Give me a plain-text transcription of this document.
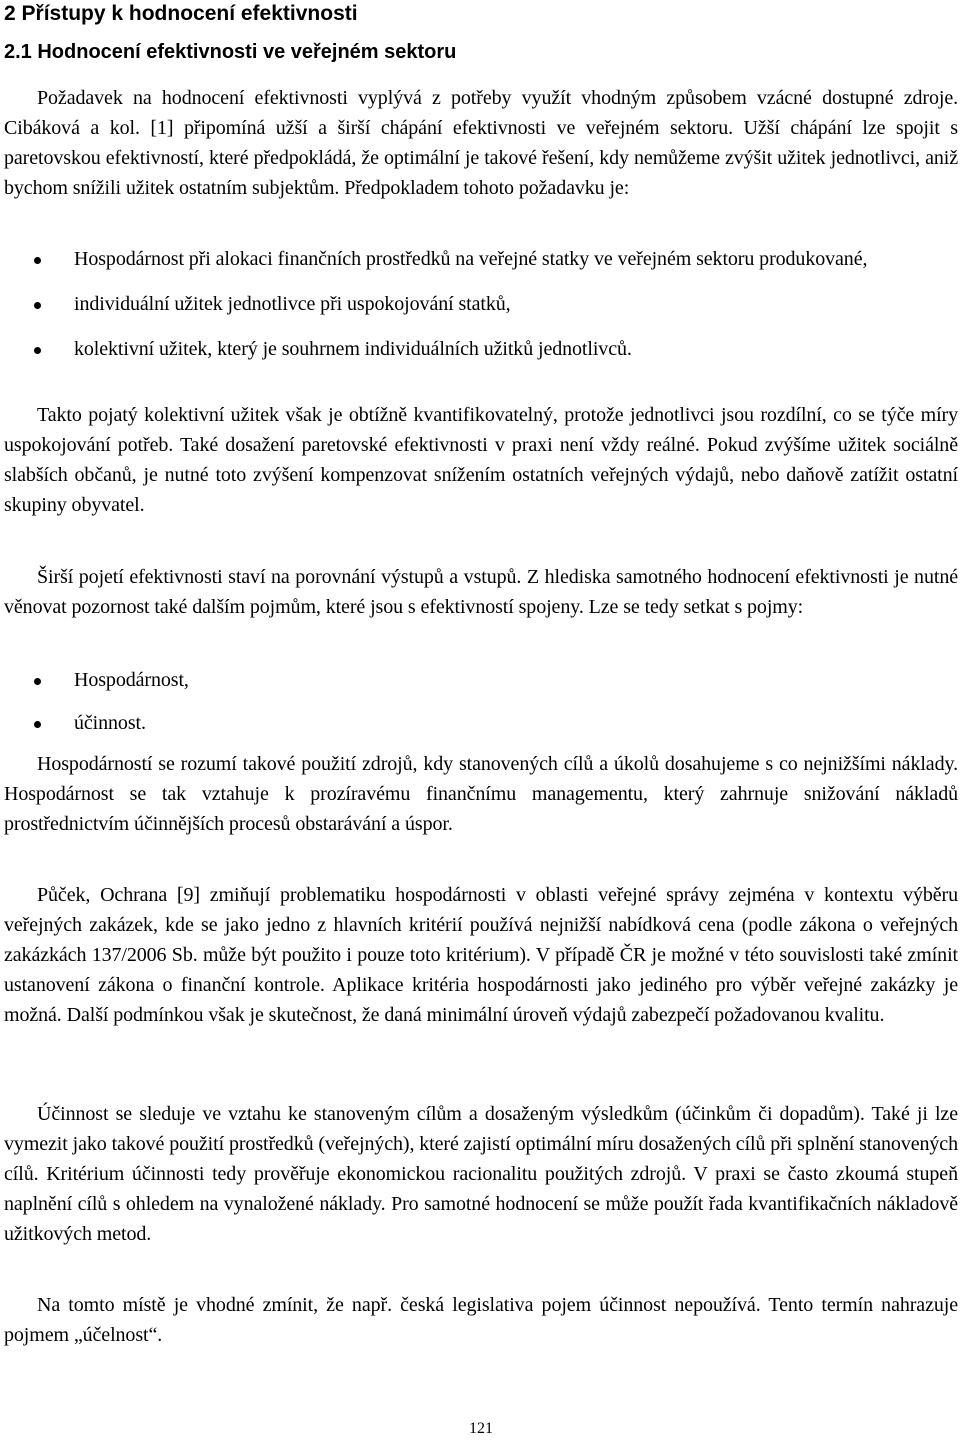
2 Přístupy k hodnocení efektivnosti
2.1 Hodnocení efektivnosti ve veřejném sektoru

Požadavek na hodnocení efektivnosti vyplývá z potřeby využít vhodným způsobem vzácné dostupné zdroje. Cibáková a kol. [1] připomíná užší a širší chápání efektivnosti ve veřejném sektoru. Užší chápání lze spojit s paretovskou efektivností, které předpokládá, že optimální je takové řešení, kdy nemůžeme zvýšit užitek jednotlivci, aniž bychom snížili užitek ostatním subjektům. Předpokladem tohoto požadavku je:

Hospodárnost při alokaci finančních prostředků na veřejné statky ve veřejném sektoru produkované,
individuální užitek jednotlivce při uspokojování statků,
kolektivní užitek, který je souhrnem individuálních užitků jednotlivců.

Takto pojatý kolektivní užitek však je obtížně kvantifikovatelný, protože jednotlivci jsou rozdílní, co se týče míry uspokojování potřeb. Také dosažení paretovské efektivnosti v praxi není vždy reálné. Pokud zvýšíme užitek sociálně slabších občanů, je nutné toto zvýšení kompenzovat snížením ostatních veřejných výdajů, nebo daňově zatížit ostatní skupiny obyvatel.

Širší pojetí efektivnosti staví na porovnání výstupů a vstupů. Z hlediska samotného hodnocení efektivnosti je nutné věnovat pozornost také dalším pojmům, které jsou s efektivností spojeny. Lze se tedy setkat s pojmy:

Hospodárnost,
účinnost.

Hospodárností se rozumí takové použití zdrojů, kdy stanovených cílů a úkolů dosahujeme s co nejnižšími náklady. Hospodárnost se tak vztahuje k prozíravému finančnímu managementu, který zahrnuje snižování nákladů prostřednictvím účinnějších procesů obstarávání a úspor.

Půček, Ochrana [9] zmiňují problematiku hospodárnosti v oblasti veřejné správy zejména v kontextu výběru veřejných zakázek, kde se jako jedno z hlavních kritérií používá nejnižší nabídková cena (podle zákona o veřejných zakázkách 137/2006 Sb. může být použito i pouze toto kritérium). V případě ČR je možné v této souvislosti také zmínit ustanovení zákona o finanční kontrole. Aplikace kritéria hospodárnosti jako jediného pro výběr veřejné zakázky je možná. Další podmínkou však je skutečnost, že daná minimální úroveň výdajů zabezpečí požadovanou kvalitu.

Účinnost se sleduje ve vztahu ke stanoveným cílům a dosaženým výsledkům (účinkům či dopadům). Také ji lze vymezit jako takové použití prostředků (veřejných), které zajistí optimální míru dosažených cílů při splnění stanovených cílů. Kritérium účinnosti tedy prověřuje ekonomickou racionalitu použitých zdrojů. V praxi se často zkoumá stupeň naplnění cílů s ohledem na vynaložené náklady. Pro samotné hodnocení se může použít řada kvantifikačních nákladově užitkových metod.

Na tomto místě je vhodné zmínit, že např. česká legislativa pojem účinnost nepoužívá. Tento termín nahrazuje pojmem „účelnost“.

121
